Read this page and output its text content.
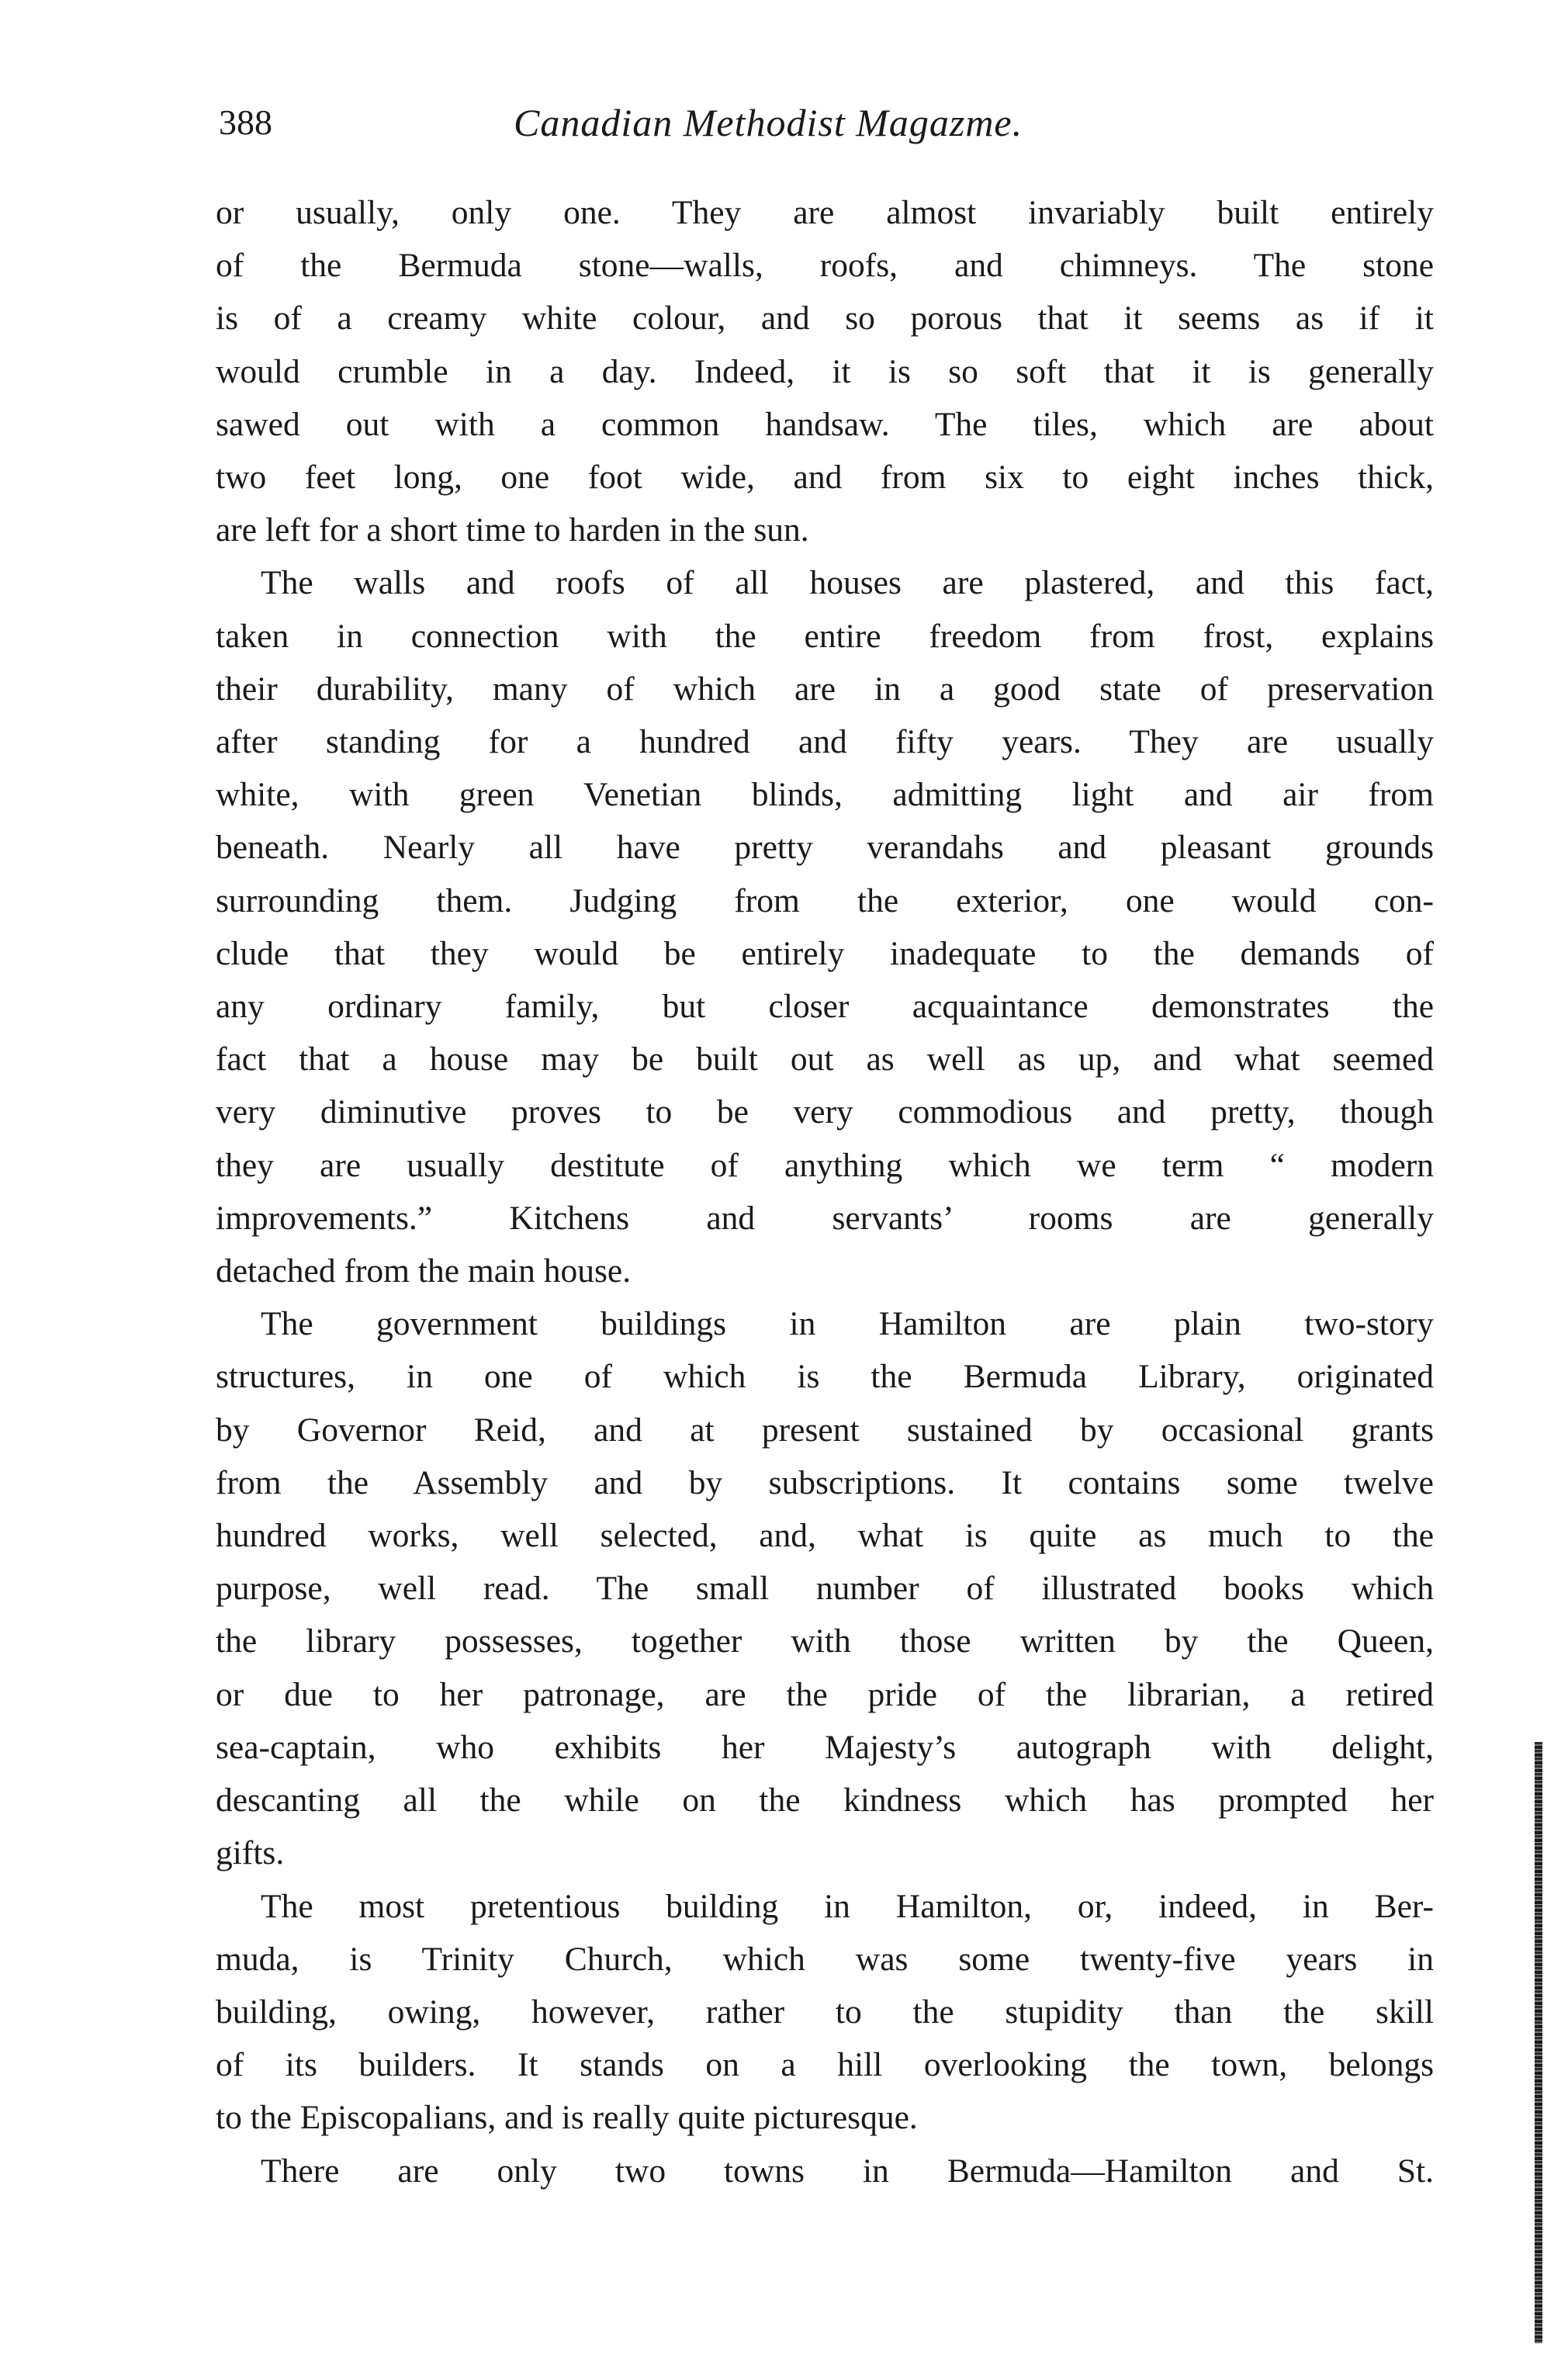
388	Canadian Methodist Magazme.

or usually, only one. They are almost invariably built entirely

of the Bermuda stone—walls, roofs, and chimneys. The stone

is of a creamy white colour, and so porous that it seems as if it

would crumble in a day. Indeed, it is so soft that it is generally

sawed out with a common handsaw. The tiles, which are about

two feet long, one foot wide, and from six to eight inches thick,

are left for a short time to harden in the sun.

The walls and roofs of all houses are plastered, and this fact,

taken in connection with the entire freedom from frost, explains

their durability, many of which are in a good state of preservation

after standing for a hundred and fifty years. They are usually

white, with green Venetian blinds, admitting light and air from

beneath. Nearly all have pretty verandahs and pleasant grounds

surrounding them. Judging from the exterior, one would con-

clude that they would be entirely inadequate to the demands of

any ordinary family, but closer acquaintance demonstrates the

fact that a house may be built out as well as up, and what seemed

very diminutive proves to be very commodious and pretty, though

they are usually destitute of anything which we term “ modern

improvements.” Kitchens and servants’ rooms are generally

detached from the main house.

The government buildings in Hamilton are plain two-story

structures, in one of which is the Bermuda Library, originated

by Governor Reid, and at present sustained by occasional grants

from the Assembly and by subscriptions. It contains some twelve

hundred works, well selected, and, what is quite as much to the

purpose, well read. The small number of illustrated books which

the library possesses, together with those written by the Queen,

or due to her patronage, are the pride of the librarian, a retired

sea-captain, who exhibits her Majesty’s autograph with delight,

descanting all the while on the kindness which has prompted her

gifts.

The most pretentious building in Hamilton, or, indeed, in Ber-

muda, is Trinity Church, which was some twenty-five years in

building, owing, however, rather to the stupidity than the skill

of its builders. It stands on a hill overlooking the town, belongs

to the Episcopalians, and is really quite picturesque.

There are only two towns in Bermuda—Hamilton and St.
